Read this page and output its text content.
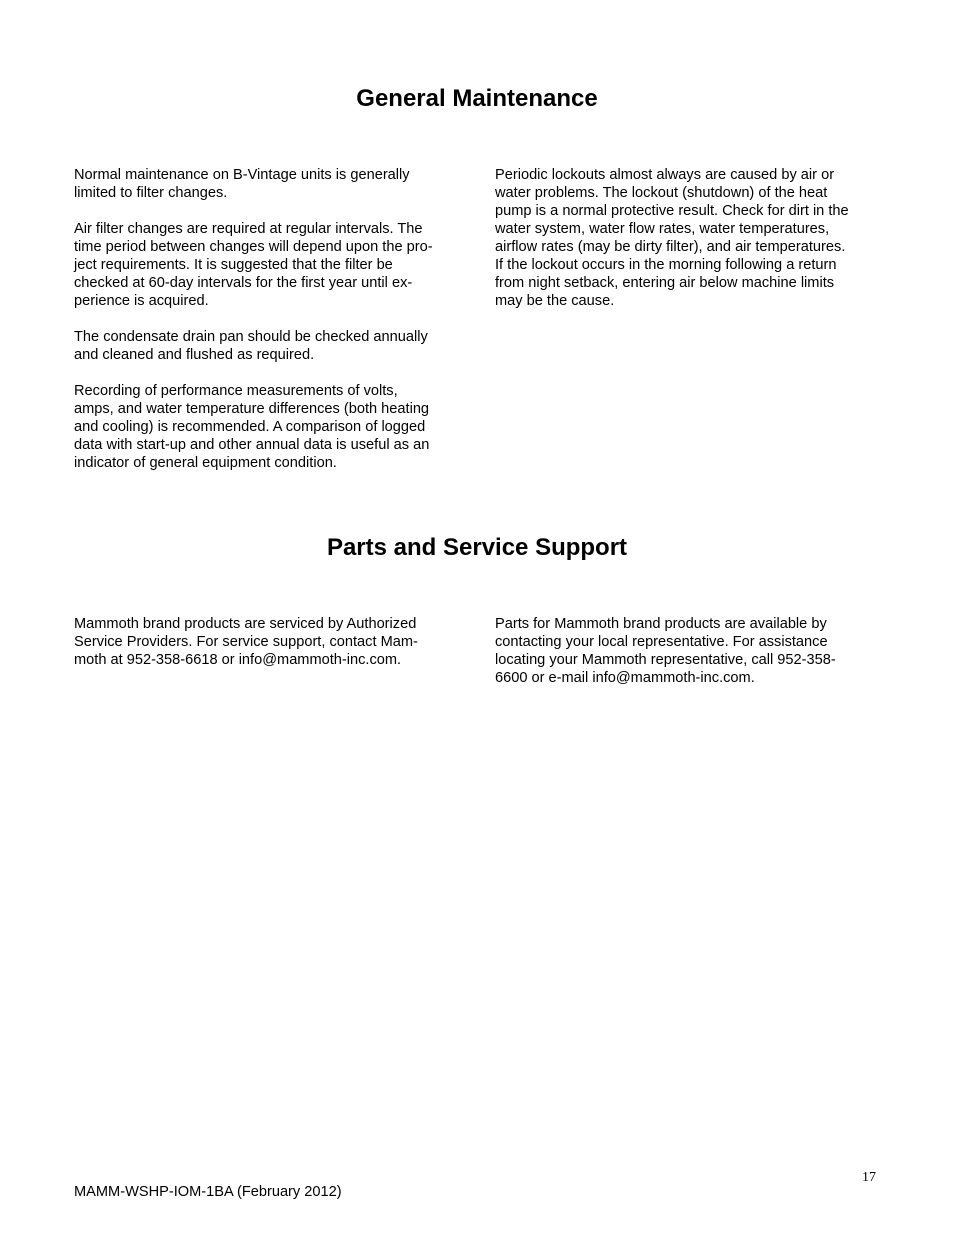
General Maintenance

Normal maintenance on B-Vintage units is generally
limited to filter changes.

Air filter changes are required at regular intervals. The
time period between changes will depend upon the pro-
ject requirements. It is suggested that the filter be
checked at 60-day intervals for the first year until ex-
perience is acquired.

The condensate drain pan should be checked annually
and cleaned and flushed as required.

Recording of performance measurements of volts,
amps, and water temperature differences (both heating
and cooling) is recommended. A comparison of logged
data with start-up and other annual data is useful as an
indicator of general equipment condition.

Periodic lockouts almost always are caused by air or
water problems. The lockout (shutdown) of the heat
pump is a normal protective result. Check for dirt in the
water system, water flow rates, water temperatures,
airflow rates (may be dirty filter), and air temperatures.
If the lockout occurs in the morning following a return
from night setback, entering air below machine limits
may be the cause.

Parts and Service Support

Mammoth brand products are serviced by Authorized
Service Providers. For service support, contact Mam-
moth at 952-358-6618 or info@mammoth-inc.com.

Parts for Mammoth brand products are available by
contacting your local representative. For assistance
locating your Mammoth representative, call 952-358-
6600 or e-mail info@mammoth-inc.com.

17
MAMM-WSHP-IOM-1BA (February 2012)
